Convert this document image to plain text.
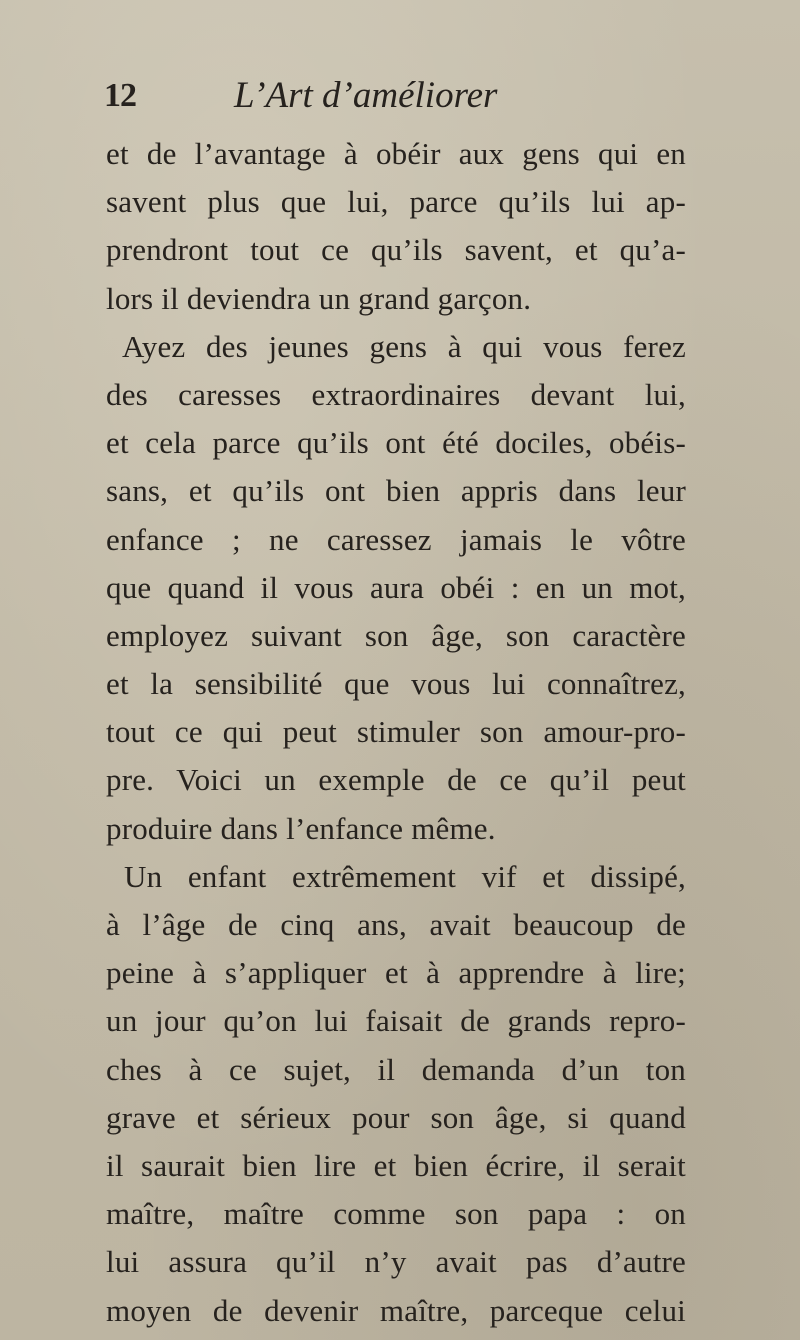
12	L’Art d’améliorer
et de l’avantage à obéir aux gens qui en
savent plus que lui, parce qu’ils lui ap-
prendront tout ce qu’ils savent, et qu’a-
lors il deviendra un grand garçon.
Ayez des jeunes gens à qui vous ferez
des caresses extraordinaires devant lui,
et cela parce qu’ils ont été dociles, obéis-
sans, et qu’ils ont bien appris dans leur
enfance ; ne caressez jamais le vôtre
que quand il vous aura obéi : en un mot,
employez suivant son âge, son caractère
et la sensibilité que vous lui connaîtrez,
tout ce qui peut stimuler son amour-pro-
pre. Voici un exemple de ce qu’il peut
produire dans l’enfance même.
Un enfant extrêmement vif et dissipé,
à l’âge de cinq ans, avait beaucoup de
peine à s’appliquer et à apprendre à lire;
un jour qu’on lui faisait de grands repro-
ches à ce sujet, il demanda d’un ton
grave et sérieux pour son âge, si quand
il saurait bien lire et bien écrire, il serait
maître, maître comme son papa : on
lui assura qu’il n’y avait pas d’autre
moyen de devenir maître, parceque celui
